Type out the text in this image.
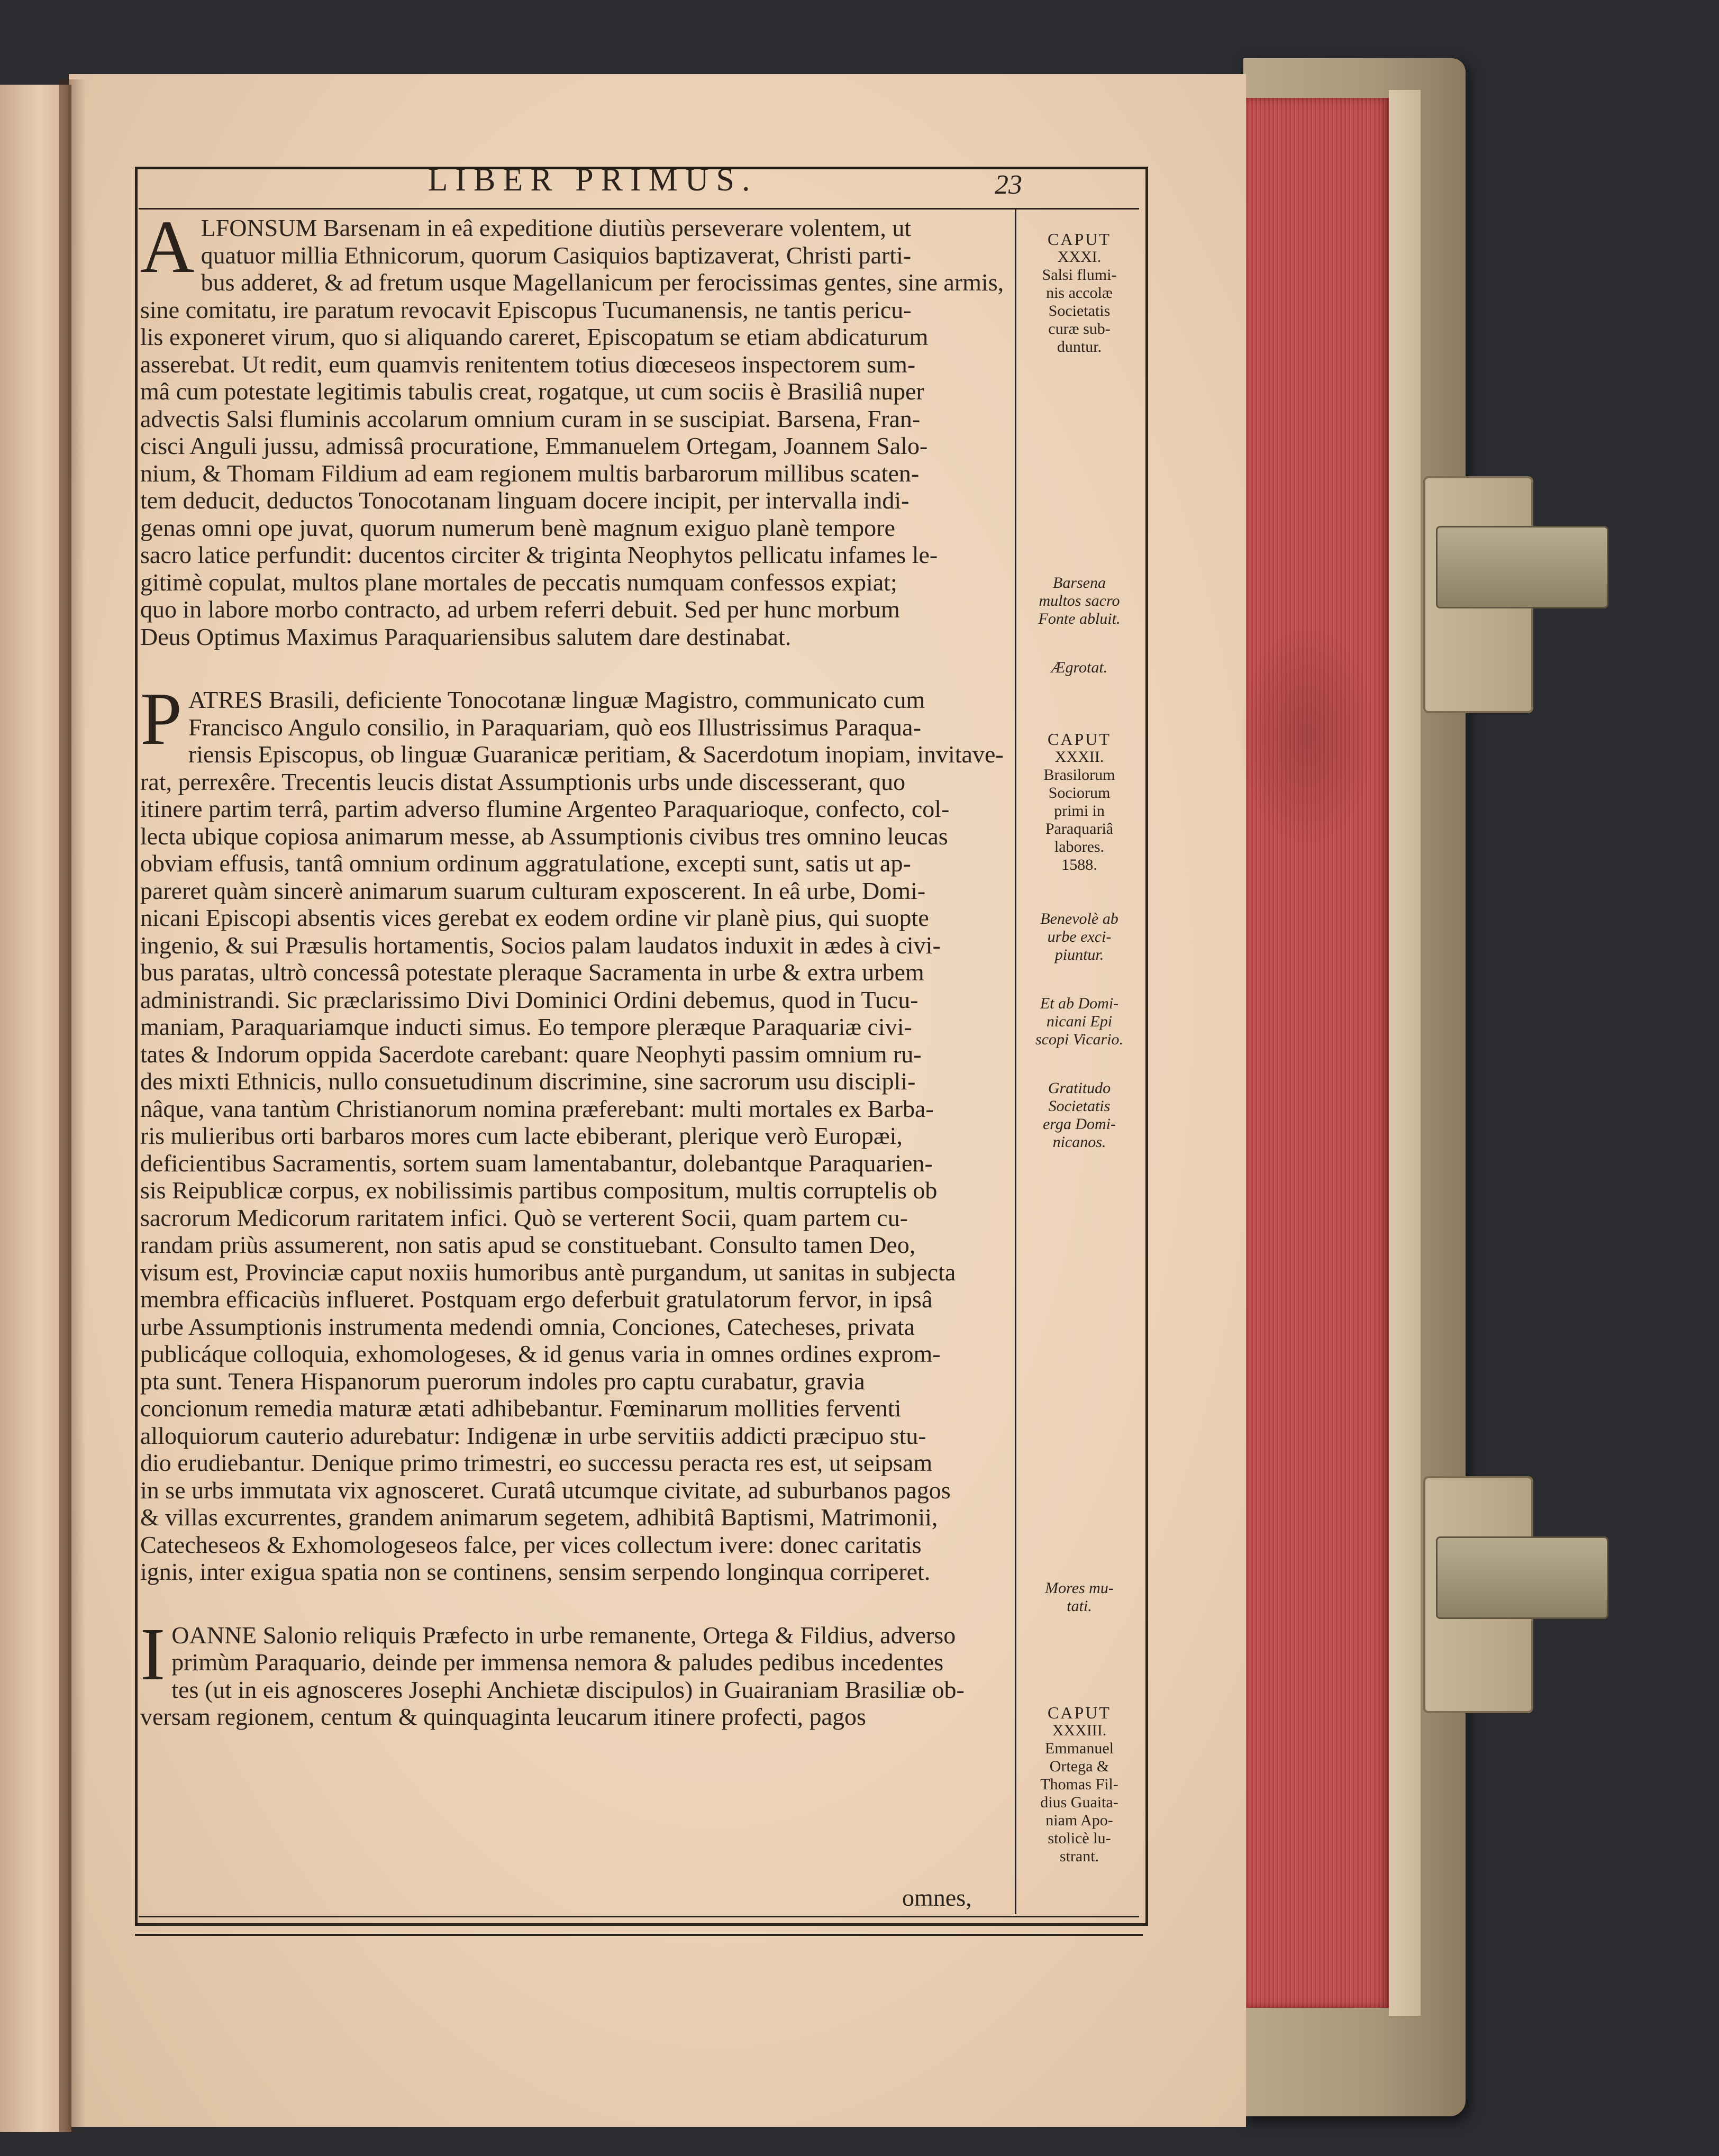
LIBER PRIMUS.	23
A LFONSUM Barsenam in eâ expeditione diutiùs perseverare volentem, ut
quatuor millia Ethnicorum, quorum Casiquios baptizaverat, Christi parti-
bus adderet, & ad fretum usque Magellanicum per ferocissimas gentes, sine armis,
sine comitatu, ire paratum revocavit Episcopus Tucumanensis, ne tantis pericu-
lis exponeret virum, quo si aliquando careret, Episcopatum se etiam abdicaturum
asserebat. Ut redit, eum quamvis renitentem totius diœceseos inspectorem sum-
mâ cum potestate legitimis tabulis creat, rogatque, ut cum sociis è Brasiliâ nuper
advectis Salsi fluminis accolarum omnium curam in se suscipiat. Barsena, Fran-
cisci Anguli jussu, admissâ procuratione, Emmanuelem Ortegam, Joannem Salo-
nium, & Thomam Fildium ad eam regionem multis barbarorum millibus scaten-
tem deducit, deductos Tonocotanam linguam docere incipit, per intervalla indi-
genas omni ope juvat, quorum numerum benè magnum exiguo planè tempore
sacro latice perfundit: ducentos circiter & triginta Neophytos pellicatu infames le-
gitimè copulat, multos plane mortales de peccatis numquam confessos expiat;
quo in labore morbo contracto, ad urbem referri debuit. Sed per hunc morbum
Deus Optimus Maximus Paraquariensibus salutem dare destinabat.
P ATRES Brasili, deficiente Tonocotanæ linguæ Magistro, communicato cum
Francisco Angulo consilio, in Paraquariam, quò eos Illustrissimus Paraqua-
riensis Episcopus, ob linguæ Guaranicæ peritiam, & Sacerdotum inopiam, invitave-
rat, perrexêre. Trecentis leucis distat Assumptionis urbs unde discesserant, quo
itinere partim terrâ, partim adverso flumine Argenteo Paraquarioque, confecto, col-
lecta ubique copiosa animarum messe, ab Assumptionis civibus tres omnino leucas
obviam effusis, tantâ omnium ordinum aggratulatione, excepti sunt, satis ut ap-
pareret quàm sincerè animarum suarum culturam exposcerent. In eâ urbe, Domi-
nicani Episcopi absentis vices gerebat ex eodem ordine vir planè pius, qui suopte
ingenio, & sui Præsulis hortamentis, Socios palam laudatos induxit in ædes à civi-
bus paratas, ultrò concessâ potestate pleraque Sacramenta in urbe & extra urbem
administrandi. Sic præclarissimo Divi Dominici Ordini debemus, quod in Tucu-
maniam, Paraquariamque inducti simus. Eo tempore pleræque Paraquariæ civi-
tates & Indorum oppida Sacerdote carebant: quare Neophyti passim omnium ru-
des mixti Ethnicis, nullo consuetudinum discrimine, sine sacrorum usu discipli-
nâque, vana tantùm Christianorum nomina præferebant: multi mortales ex Barba-
ris mulieribus orti barbaros mores cum lacte ebiberant, plerique verò Europæi,
deficientibus Sacramentis, sortem suam lamentabantur, dolebantque Paraquarien-
sis Reipublicæ corpus, ex nobilissimis partibus compositum, multis corruptelis ob
sacrorum Medicorum raritatem infici. Quò se verterent Socii, quam partem cu-
randam priùs assumerent, non satis apud se constituebant. Consulto tamen Deo,
visum est, Provinciæ caput noxiis humoribus antè purgandum, ut sanitas in subjecta
membra efficaciùs influeret. Postquam ergo deferbuit gratulatorum fervor, in ipsâ
urbe Assumptionis instrumenta medendi omnia, Conciones, Catecheses, privata
publicáque colloquia, exhomologeses, & id genus varia in omnes ordines exprom-
pta sunt. Tenera Hispanorum puerorum indoles pro captu curabatur, gravia
concionum remedia maturæ ætati adhibebantur. Fœminarum mollities ferventi
alloquiorum cauterio adurebatur: Indigenæ in urbe servitiis addicti præcipuo stu-
dio erudiebantur. Denique primo trimestri, eo successu peracta res est, ut seipsam
in se urbs immutata vix agnosceret. Curatâ utcumque civitate, ad suburbanos pagos
& villas excurrentes, grandem animarum segetem, adhibitâ Baptismi, Matrimonii,
Catecheseos & Exhomologeseos falce, per vices collectum ivere: donec caritatis
ignis, inter exigua spatia non se continens, sensim serpendo longinqua corriperet.
I OANNE Salonio reliquis Præfecto in urbe remanente, Ortega & Fildius, adverso
primùm Paraquario, deinde per immensa nemora & paludes pedibus incedentes
tes (ut in eis agnosceres Josephi Anchietæ discipulos) in Guairaniam Brasiliæ ob-
versam regionem, centum & quinquaginta leucarum itinere profecti, pagos
omnes,
CAPUT
XXXI.
Salsi flumi-
nis accolæ
Societatis
curæ sub-
duntur.
Barsena
multos sacro
Fonte abluit.
Ægrotat.
CAPUT
XXXII.
Brasilorum
Sociorum
primi in
Paraquariâ
labores.
1588.
Benevolè ab
urbe exci-
piuntur.
Et ab Domi-
nicani Epi
scopi Vicario.
Gratitudo
Societatis
erga Domi-
nicanos.
Mores mu-
tati.
CAPUT
XXXIII.
Emmanuel
Ortega &
Thomas Fil-
dius Guaita-
niam Apo-
stolicè lu-
strant.
